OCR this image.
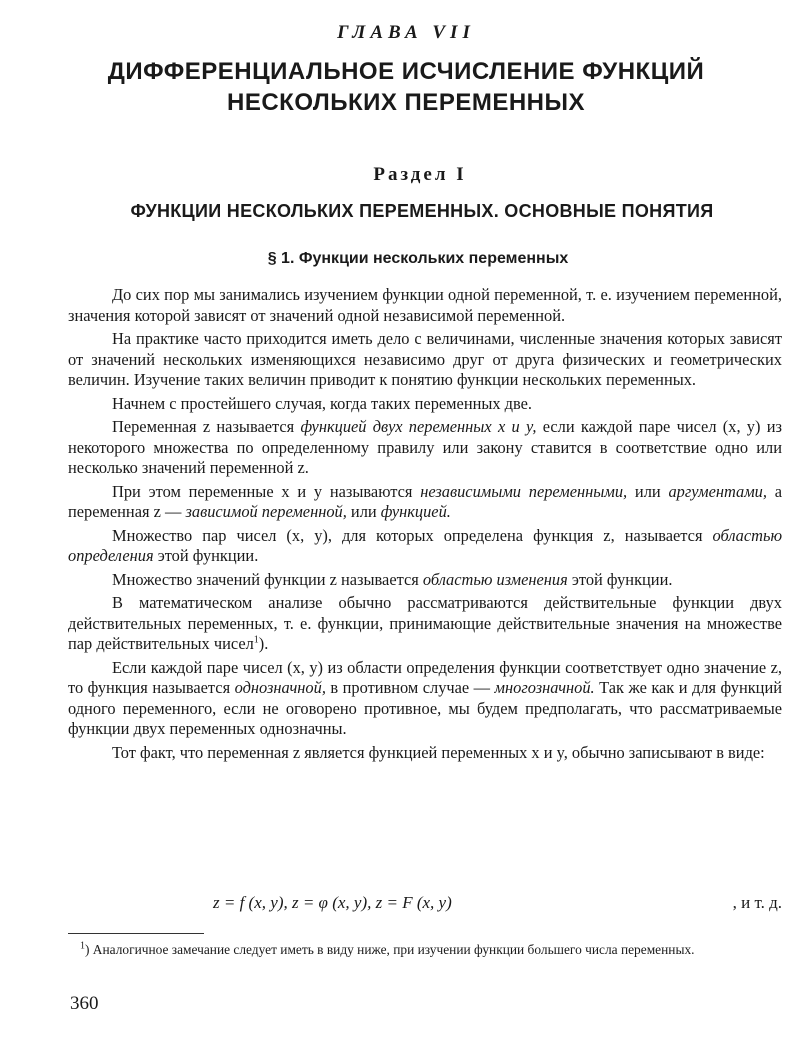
ГЛАВА VII
ДИФФЕРЕНЦИАЛЬНОЕ ИСЧИСЛЕНИЕ ФУНКЦИЙ
НЕСКОЛЬКИХ ПЕРЕМЕННЫХ
Раздел I
ФУНКЦИИ НЕСКОЛЬКИХ ПЕРЕМЕННЫХ. ОСНОВНЫЕ ПОНЯТИЯ
§ 1. Функции нескольких переменных

До сих пор мы занимались изучением функции одной переменной, т. е. изучением переменной, значения которой зависят от значений одной независимой переменной.

На практике часто приходится иметь дело с величинами, численные значения которых зависят от значений нескольких изменяющихся независимо друг от друга физических и геометрических величин. Изучение таких величин приводит к понятию функции нескольких переменных.

Начнем с простейшего случая, когда таких переменных две.

Переменная z называется функцией двух переменных x и y, если каждой паре чисел (x, y) из некоторого множества по определенному правилу или закону ставится в соответствие одно или несколько значений переменной z.

При этом переменные x и y называются независимыми переменными, или аргументами, а переменная z — зависимой переменной, или функцией.

Множество пар чисел (x, y), для которых определена функция z, называется областью определения этой функции.

Множество значений функции z называется областью изменения этой функции.

В математическом анализе обычно рассматриваются действительные функции двух действительных переменных, т. е. функции, принимающие действительные значения на множестве пар действительных чисел$^1$).

Если каждой паре чисел (x, y) из области определения функции соответствует одно значение z, то функция называется однозначной, в противном случае — многозначной. Так же как и для функций одного переменного, если не оговорено противное, мы будем предполагать, что рассматриваемые функции двух переменных однозначны.

Тот факт, что переменная z является функцией переменных x и y, обычно записывают в виде:

z = f (x, y), z = φ (x, y), z = F (x, y)	, и т. д.
$^1$) Аналогичное замечание следует иметь в виду ниже, при изучении функции большего числа переменных.
360
